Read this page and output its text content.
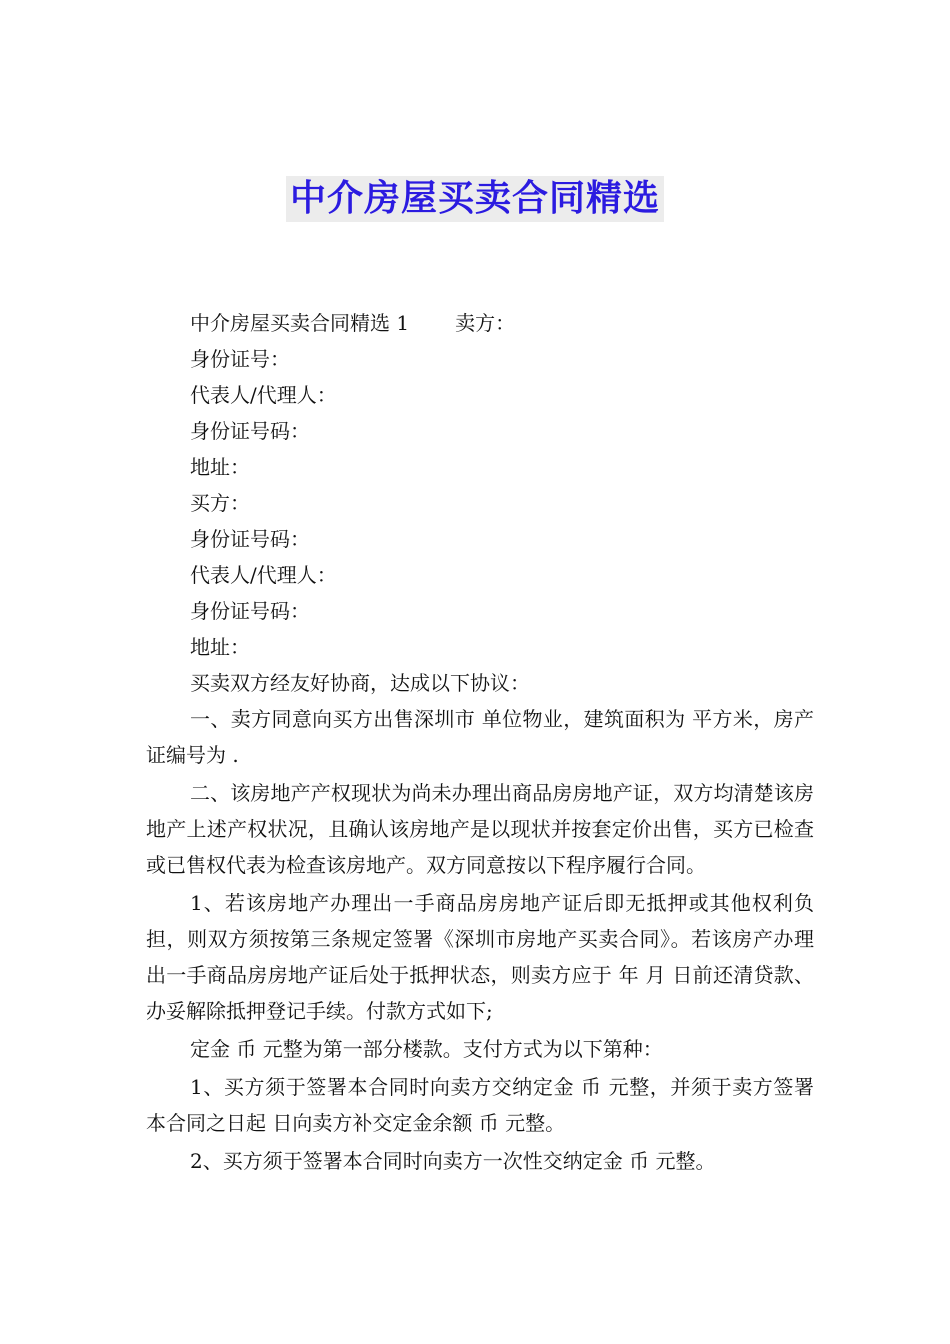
中介房屋买卖合同精选
中介房屋买卖合同精选 1 卖方：
身份证号：
代表人/代理人：
身份证号码：
地址：
买方：
身份证号码：
代表人/代理人：
身份证号码：
地址：
买卖双方经友好协商，达成以下协议：

一、卖方同意向买方出售深圳市 单位物业，建筑面积为 平方米，房产证编号为 .

二、该房地产产权现状为尚未办理出商品房房地产证，双方均清楚该房地产上述产权状况，且确认该房地产是以现状并按套定价出售，买方已检查或已售权代表为检查该房地产。双方同意按以下程序履行合同。

1、若该房地产办理出一手商品房房地产证后即无抵押或其他权利负担，则双方须按第三条规定签署《深圳市房地产买卖合同》。若该房产办理出一手商品房房地产证后处于抵押状态，则卖方应于 年 月 日前还清贷款、办妥解除抵押登记手续。付款方式如下;

定金 币 元整为第一部分楼款。支付方式为以下第种：

1、买方须于签署本合同时向卖方交纳定金 币 元整，并须于卖方签署本合同之日起 日向卖方补交定金余额 币 元整。

2、买方须于签署本合同时向卖方一次性交纳定金 币 元整。
